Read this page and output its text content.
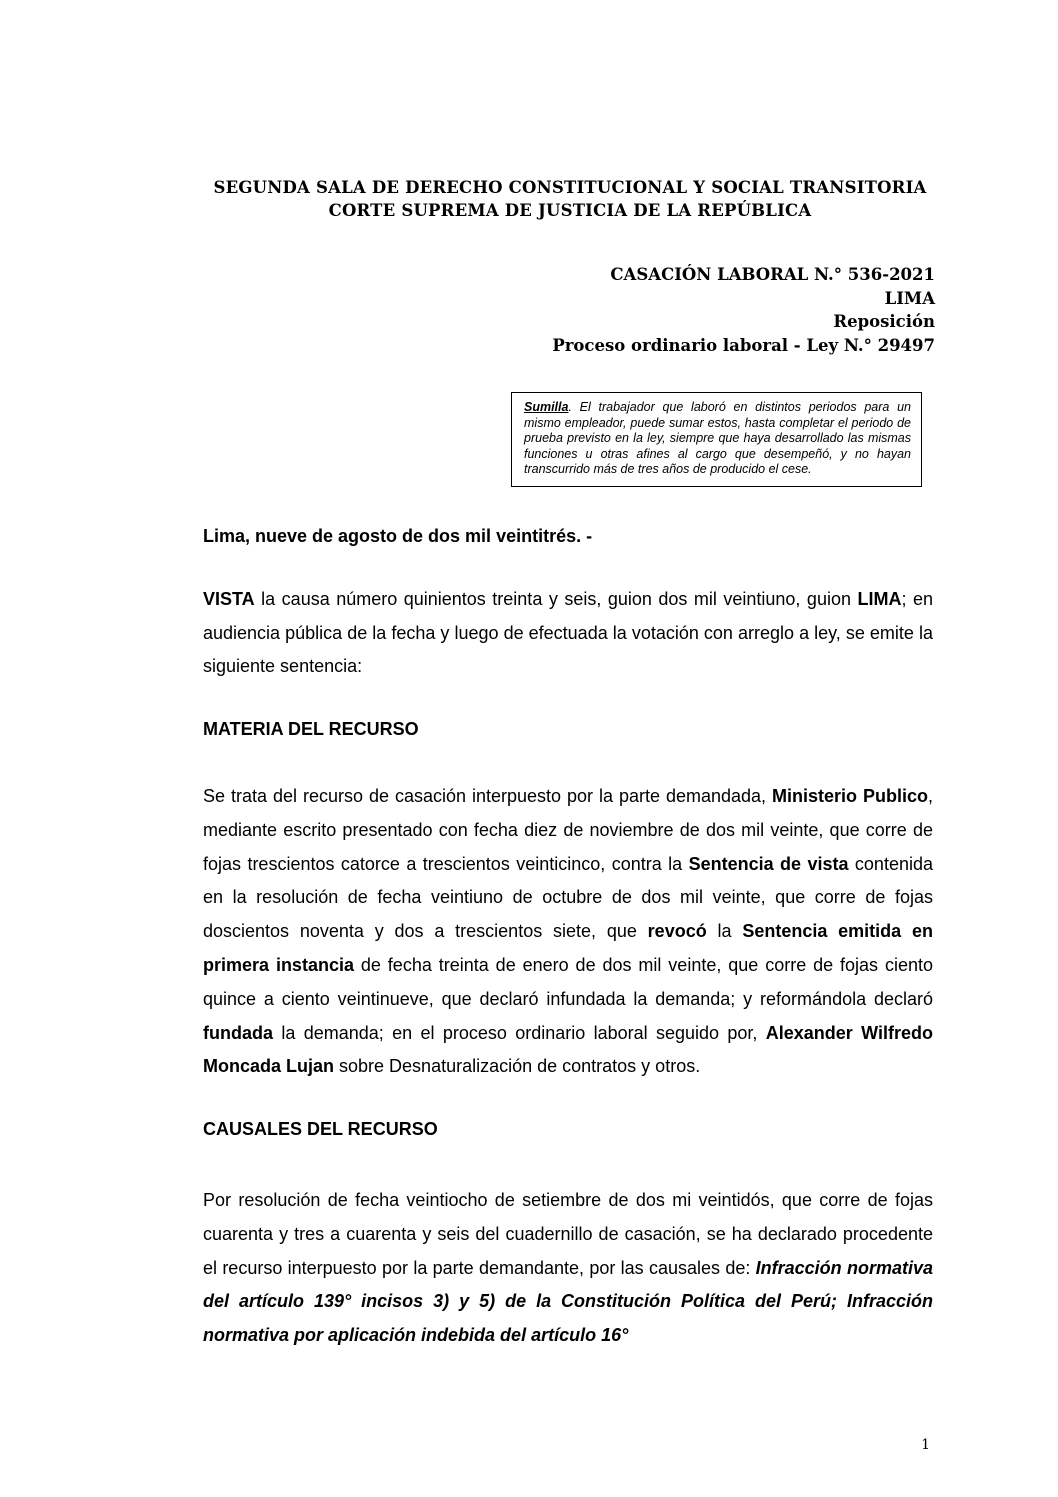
SEGUNDA SALA DE DERECHO CONSTITUCIONAL Y SOCIAL TRANSITORIA
CORTE SUPREMA DE JUSTICIA DE LA REPÚBLICA
CASACIÓN LABORAL N.° 536-2021
LIMA
Reposición
Proceso ordinario laboral - Ley N.° 29497
Sumilla. El trabajador que laboró en distintos periodos para un mismo empleador, puede sumar estos, hasta completar el periodo de prueba previsto en la ley, siempre que haya desarrollado las mismas funciones u otras afines al cargo que desempeñó, y no hayan transcurrido más de tres años de producido el cese.

Lima, nueve de agosto de dos mil veintitrés. -

VISTA la causa número quinientos treinta y seis, guion dos mil veintiuno, guion LIMA; en audiencia pública de la fecha y luego de efectuada la votación con arreglo a ley, se emite la siguiente sentencia:

MATERIA DEL RECURSO

Se trata del recurso de casación interpuesto por la parte demandada, Ministerio Publico, mediante escrito presentado con fecha diez de noviembre de dos mil veinte, que corre de fojas trescientos catorce a trescientos veinticinco, contra la Sentencia de vista contenida en la resolución de fecha veintiuno de octubre de dos mil veinte, que corre de fojas doscientos noventa y dos a trescientos siete, que revocó la Sentencia emitida en primera instancia de fecha treinta de enero de dos mil veinte, que corre de fojas ciento quince a ciento veintinueve, que declaró infundada la demanda; y reformándola declaró fundada la demanda; en el proceso ordinario laboral seguido por, Alexander Wilfredo Moncada Lujan sobre Desnaturalización de contratos y otros.

CAUSALES DEL RECURSO

Por resolución de fecha veintiocho de setiembre de dos mi veintidós, que corre de fojas cuarenta y tres a cuarenta y seis del cuadernillo de casación, se ha declarado procedente el recurso interpuesto por la parte demandante, por las causales de: Infracción normativa del artículo 139° incisos 3) y 5) de la Constitución Política del Perú; Infracción normativa por aplicación indebida del artículo 16°

1
